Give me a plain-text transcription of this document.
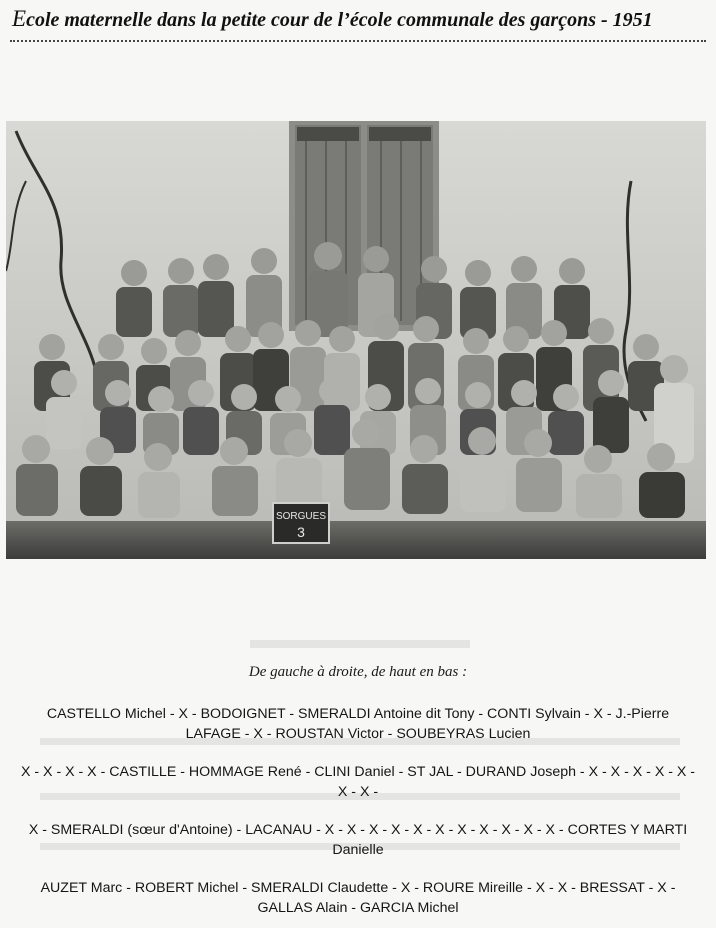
Ecole maternelle dans la petite cour de l’école communale des garçons - 1951
SORGUES
3
De gauche à droite, de haut en bas :
CASTELLO Michel - X - BODOIGNET - SMERALDI Antoine dit Tony - CONTI Sylvain - X - J.-Pierre LAFAGE - X - ROUSTAN Victor - SOUBEYRAS Lucien
X - X - X - X - CASTILLE - HOMMAGE René - CLINI Daniel - ST JAL - DURAND Joseph - X - X - X - X - X - X - X -
X - SMERALDI (sœur d'Antoine) - LACANAU - X - X - X - X - X - X - X - X - X - X - X - CORTES Y MARTI Danielle
AUZET Marc - ROBERT Michel - SMERALDI Claudette - X - ROURE Mireille - X - X - BRESSAT - X - GALLAS Alain - GARCIA Michel
